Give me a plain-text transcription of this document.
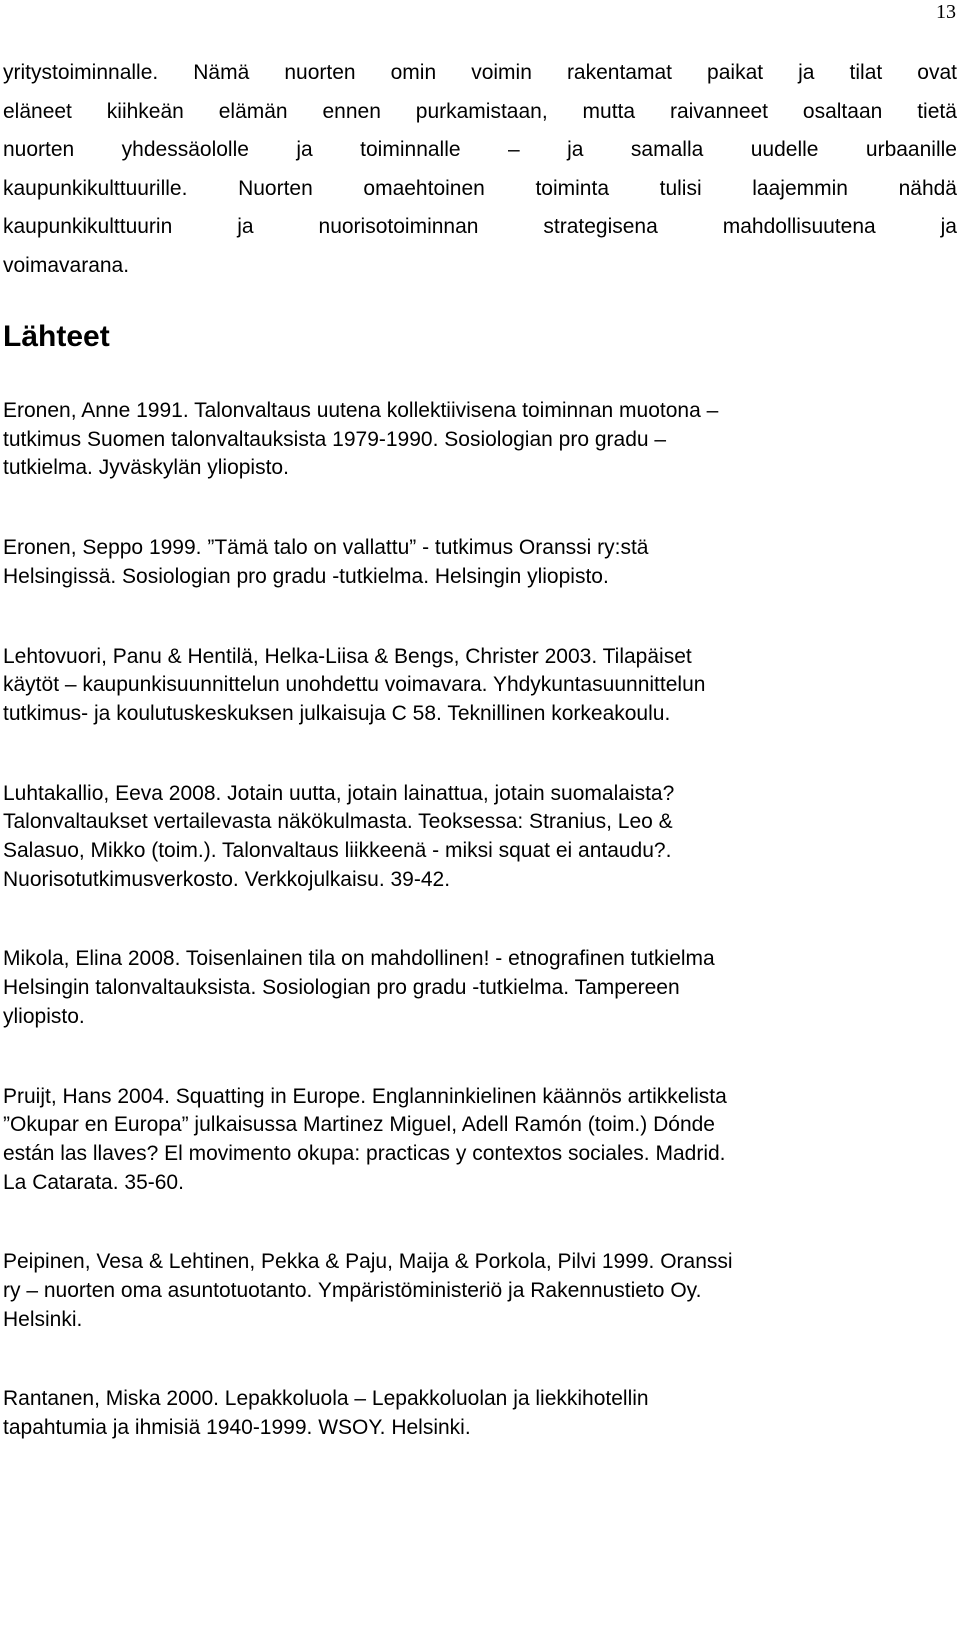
13
yritystoiminnalle. Nämä nuorten omin voimin rakentamat paikat ja tilat ovat
eläneet kiihkeän elämän ennen purkamistaan, mutta raivanneet osaltaan tietä
nuorten yhdessäololle ja toiminnalle – ja samalla uudelle urbaanille
kaupunkikulttuurille. Nuorten omaehtoinen toiminta tulisi laajemmin nähdä
kaupunkikulttuurin	ja	nuorisotoiminnan	strategisena	mahdollisuutena	ja
voimavarana.
Lähteet
Eronen, Anne 1991. Talonvaltaus uutena kollektiivisena toiminnan muotona –
tutkimus Suomen talonvaltauksista 1979-1990. Sosiologian pro gradu –
tutkielma. Jyväskylän yliopisto.
Eronen, Seppo 1999. ”Tämä talo on vallattu” - tutkimus Oranssi ry:stä
Helsingissä. Sosiologian pro gradu -tutkielma. Helsingin yliopisto.
Lehtovuori, Panu & Hentilä, Helka-Liisa & Bengs, Christer 2003. Tilapäiset
käytöt – kaupunkisuunnittelun unohdettu voimavara. Yhdykuntasuunnittelun
tutkimus- ja koulutuskeskuksen julkaisuja C 58. Teknillinen korkeakoulu.
Luhtakallio, Eeva 2008. Jotain uutta, jotain lainattua, jotain suomalaista?
Talonvaltaukset vertailevasta näkökulmasta. Teoksessa: Stranius, Leo &
Salasuo, Mikko (toim.). Talonvaltaus liikkeenä - miksi squat ei antaudu?.
Nuorisotutkimusverkosto. Verkkojulkaisu. 39-42.
Mikola, Elina 2008. Toisenlainen tila on mahdollinen! - etnografinen tutkielma
Helsingin talonvaltauksista. Sosiologian pro gradu -tutkielma. Tampereen
yliopisto.
Pruijt, Hans 2004. Squatting in Europe. Englanninkielinen käännös artikkelista
”Okupar en Europa” julkaisussa Martinez Miguel, Adell Ramón (toim.) Dónde
están las llaves? El movimento okupa: practicas y contextos sociales. Madrid.
La Catarata. 35-60.
Peipinen, Vesa & Lehtinen, Pekka & Paju, Maija & Porkola, Pilvi 1999. Oranssi
ry – nuorten oma asuntotuotanto. Ympäristöministeriö ja Rakennustieto Oy.
Helsinki.
Rantanen, Miska 2000. Lepakkoluola – Lepakkoluolan ja liekkihotellin
tapahtumia ja ihmisiä 1940-1999. WSOY. Helsinki.
